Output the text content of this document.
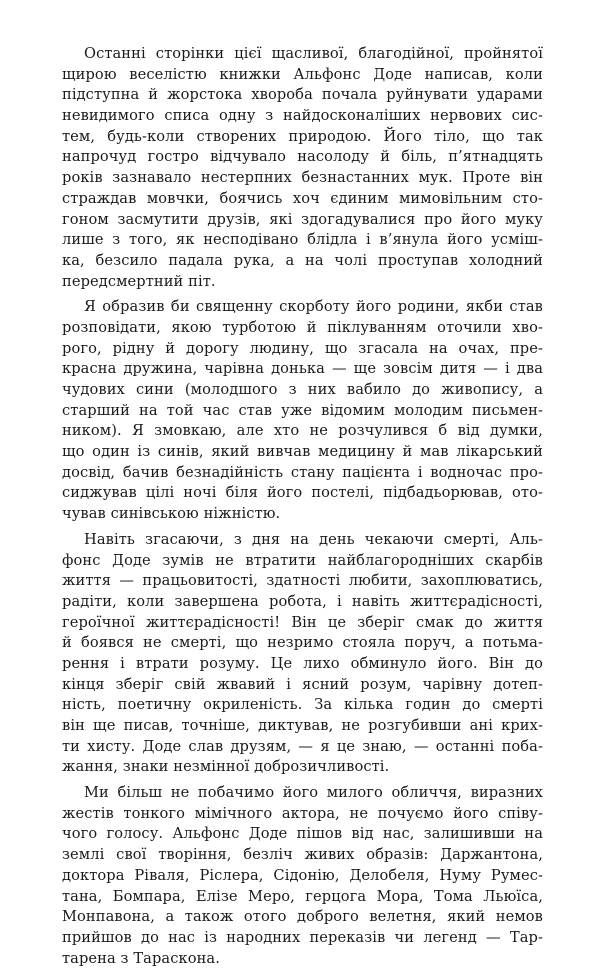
Останні сторінки цієї щасливої, благодійної, пройнятої
щирою веселістю книжки Альфонс Доде написав, коли
підступна й жорстока хвороба почала руйнувати ударами
невидимого списа одну з найдосконаліших нервових сис-
тем, будь-коли створених природою. Його тіло, що так
напрочуд гостро відчувало насолоду й біль, п’ятнадцять
років зазнавало нестерпних безнастанних мук. Проте він
страждав мовчки, боячись хоч єдиним мимовільним сто-
гоном засмутити друзів, які здогадувалися про його муку
лише з того, як несподівано блідла і в’янула його усміш-
ка, безсило падала рука, а на чолі проступав холодний
передсмертний піт.
Я образив би священну скорботу його родини, якби став
розповідати, якою турботою й піклуванням оточили хво-
рого, рідну й дорогу людину, що згасала на очах, пре-
красна дружина, чарівна донька — ще зовсім дитя — і два
чудових сини (молодшого з них вабило до живопису, а
старший на той час став уже відомим молодим письмен-
ником). Я змовкаю, але хто не розчулився б від думки,
що один із синів, який вивчав медицину й мав лікарський
досвід, бачив безнадійність стану пацієнта і водночас про-
сиджував цілі ночі біля його постелі, підбадьорював, ото-
чував синівською ніжністю.
Навіть згасаючи, з дня на день чекаючи смерті, Аль-
фонс Доде зумів не втратити найблагородніших скарбів
життя — працьовитості, здатності любити, захоплюватись,
радіти, коли завершена робота, і навіть життєрадісності,
героїчної життєрадісності! Він це зберіг смак до життя
й боявся не смерті, що незримо стояла поруч, а потьма-
рення і втрати розуму. Це лихо обминуло його. Він до
кінця зберіг свій жвавий і ясний розум, чарівну дотеп-
ність, поетичну окриленість. За кілька годин до смерті
він ще писав, точніше, диктував, не розгубивши ані крих-
ти хисту. Доде слав друзям, — я це знаю, — останні поба-
жання, знаки незмінної доброзичливості.
Ми більш не побачимо його милого обличчя, виразних
жестів тонкого мімічного актора, не почуємо його співу-
чого голосу. Альфонс Доде пішов від нас, залишивши на
землі свої творіння, безліч живих образів: Даржантона,
доктора Ріваля, Ріслера, Сідонію, Делобеля, Нуму Румес-
тана, Бомпара, Елізе Меро, герцога Мора, Тома Льюїса,
Монпавона, а також отого доброго велетня, який немов
прийшов до нас із народних переказів чи легенд — Тар-
тарена з Тараскона.
